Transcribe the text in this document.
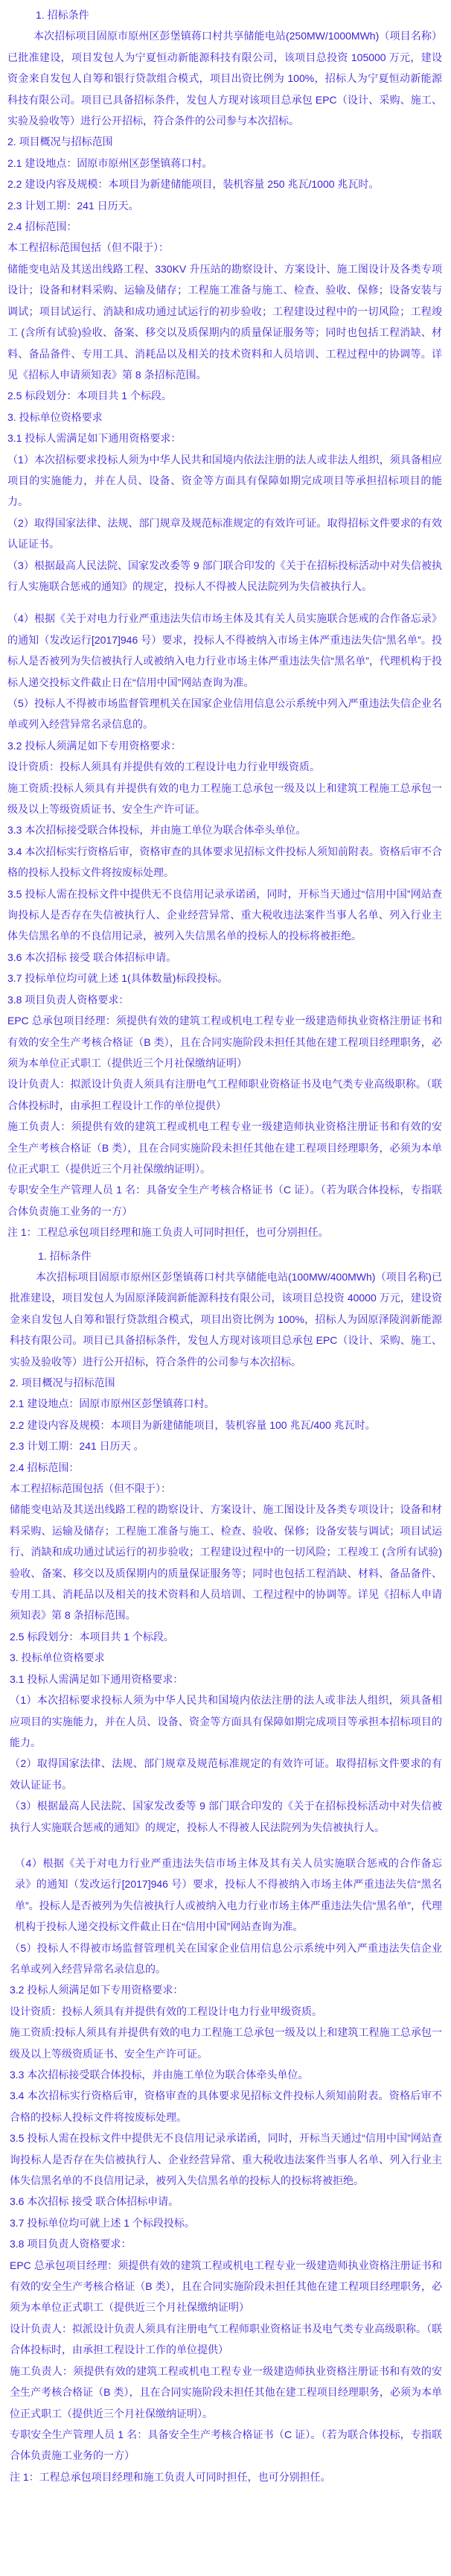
1. 招标条件

本次招标项目固原市原州区彭堡镇蒋口村共享储能电站(250MW/1000MWh)（项目名称）已批准建设，项目发包人为宁夏恒动新能源科技有限公司，该项目总投资 105000 万元，建设资金来自发包人自筹和银行贷款组合模式，项目出资比例为 100%，招标人为宁夏恒动新能源科技有限公司。项目已具备招标条件，发包人方现对该项目总承包 EPC（设计、采购、施工、实验及验收等）进行公开招标，符合条件的公司参与本次招标。

2. 项目概况与招标范围

2.1 建设地点：固原市原州区彭堡镇蒋口村。

2.2 建设内容及规模：本项目为新建储能项目，装机容量 250 兆瓦/1000 兆瓦时。

2.3 计划工期：241 日历天。

2.4 招标范围：

本工程招标范围包括（但不限于）：

储能变电站及其送出线路工程、330KV 升压站的勘察设计、方案设计、施工图设计及各类专项设计；设备和材料采购、运输及储存；工程施工准备与施工、检查、验收、保修；设备安装与调试；项目试运行、消缺和成功通过试运行的初步验收；工程建设过程中的一切风险；工程竣工 (含所有试验)验收、备案、移交以及质保期内的质量保证服务等；同时也包括工程消缺、材料、备品备件、专用工具、消耗品以及相关的技术资料和人员培训、工程过程中的协调等。详见《招标人申请须知表》第 8 条招标范围。

2.5 标段划分：本项目共 1 个标段。

3. 投标单位资格要求

3.1 投标人需满足如下通用资格要求：

（1）本次招标要求投标人须为中华人民共和国境内依法注册的法人或非法人组织，须具备相应项目的实施能力，并在人员、设备、资金等方面具有保障如期完成项目等承担招标项目的能力。

（2）取得国家法律、法规、部门规章及规范标准规定的有效许可证。取得招标文件要求的有效认证证书。

（3）根据最高人民法院、国家发改委等 9 部门联合印发的《关于在招标投标活动中对失信被执行人实施联合惩戒的通知》的规定，投标人不得被人民法院列为失信被执行人。

（4）根据《关于对电力行业严重违法失信市场主体及其有关人员实施联合惩戒的合作备忘录》的通知（发改运行[2017]946 号）要求，投标人不得被纳入市场主体严重违法失信“黑名单”。投标人是否被列为失信被执行人或被纳入电力行业市场主体严重违法失信“黑名单”，代理机构于投标人递交投标文件截止日在“信用中国”网站查询为准。

（5）投标人不得被市场监督管理机关在国家企业信用信息公示系统中列入严重违法失信企业名单或列入经营异常名录信息的。

3.2 投标人须满足如下专用资格要求：

设计资质：投标人须具有并提供有效的工程设计电力行业甲级资质。

施工资质:投标人须具有并提供有效的电力工程施工总承包一级及以上和建筑工程施工总承包一级及以上等级资质证书、安全生产许可证。

3.3 本次招标接受联合体投标，并由施工单位为联合体牵头单位。

3.4 本次招标实行资格后审，资格审查的具体要求见招标文件投标人须知前附表。资格后审不合格的投标人投标文件将按废标处理。

3.5 投标人需在投标文件中提供无不良信用记录承诺函，同时，开标当天通过“信用中国”网站查询投标人是否存在失信被执行人、企业经营异常、重大税收违法案件当事人名单、列入行业主体失信黑名单的不良信用记录，被列入失信黑名单的投标人的投标将被拒绝。

3.6 本次招标 接受 联合体招标申请。

3.7 投标单位均可就上述 1(具体数量)标段投标。

3.8 项目负责人资格要求：

EPC 总承包项目经理：须提供有效的建筑工程或机电工程专业一级建造师执业资格注册证书和有效的安全生产考核合格证（B 类），且在合同实施阶段未担任其他在建工程项目经理职务，必须为本单位正式职工（提供近三个月社保缴纳证明）

设计负责人：拟派设计负责人须具有注册电气工程师职业资格证书及电气类专业高级职称。（联合体投标时，由承担工程设计工作的单位提供）

施工负责人：须提供有效的建筑工程或机电工程专业一级建造师执业资格注册证书和有效的安全生产考核合格证（B 类），且在合同实施阶段未担任其他在建工程项目经理职务，必须为本单位正式职工（提供近三个月社保缴纳证明）。

专职安全生产管理人员 1 名：具备安全生产考核合格证书（C 证）。（若为联合体投标，专指联合体负责施工业务的一方）

注 1：工程总承包项目经理和施工负责人可同时担任，也可分别担任。

1. 招标条件

本次招标项目固原市原州区彭堡镇蒋口村共享储能电站(100MW/400MWh)（项目名称)已批准建设，项目发包人为固原泽陵润新能源科技有限公司，该项目总投资 40000 万元，建设资金来自发包人自筹和银行贷款组合模式，项目出资比例为 100%，招标人为固原泽陵润新能源科技有限公司。项目已具备招标条件，发包人方现对该项目总承包 EPC（设计、采购、施工、实验及验收等）进行公开招标，符合条件的公司参与本次招标。

2. 项目概况与招标范围

2.1 建设地点：固原市原州区彭堡镇蒋口村。

2.2 建设内容及规模：本项目为新建储能项目，装机容量 100 兆瓦/400 兆瓦时。

2.3 计划工期：241 日历天 。

2.4 招标范围：

本工程招标范围包括（但不限于）：

储能变电站及其送出线路工程的勘察设计、方案设计、施工图设计及各类专项设计；设备和材料采购、运输及储存；工程施工准备与施工、检查、验收、保修；设备安装与调试；项目试运行、消缺和成功通过试运行的初步验收；工程建设过程中的一切风险；工程竣工 (含所有试验)验收、备案、移交以及质保期内的质量保证服务等；同时也包括工程消缺、材料、备品备件、专用工具、消耗品以及相关的技术资料和人员培训、工程过程中的协调等。详见《招标人申请须知表》第 8 条招标范围。

2.5 标段划分：本项目共 1 个标段。

3. 投标单位资格要求

3.1 投标人需满足如下通用资格要求：

（1）本次招标要求投标人须为中华人民共和国境内依法注册的法人或非法人组织，须具备相应项目的实施能力，并在人员、设备、资金等方面具有保障如期完成项目等承担本招标项目的能力。

（2）取得国家法律、法规、部门规章及规范标准规定的有效许可证。取得招标文件要求的有效认证证书。

（3）根据最高人民法院、国家发改委等 9 部门联合印发的《关于在招标投标活动中对失信被执行人实施联合惩戒的通知》的规定，投标人不得被人民法院列为失信被执行人。

（4）根据《关于对电力行业严重违法失信市场主体及其有关人员实施联合惩戒的合作备忘录》的通知（发改运行[2017]946 号）要求，投标人不得被纳入市场主体严重违法失信“黑名单”。投标人是否被列为失信被执行人或被纳入电力行业市场主体严重违法失信“黑名单”，代理机构于投标人递交投标文件截止日在“信用中国”网站查询为准。

（5）投标人不得被市场监督管理机关在国家企业信用信息公示系统中列入严重违法失信企业名单或列入经营异常名录信息的。

3.2 投标人须满足如下专用资格要求：

设计资质：投标人须具有并提供有效的工程设计电力行业甲级资质。

施工资质:投标人须具有并提供有效的电力工程施工总承包一级及以上和建筑工程施工总承包一级及以上等级资质证书、安全生产许可证。

3.3 本次招标接受联合体投标，并由施工单位为联合体牵头单位。

3.4 本次招标实行资格后审，资格审查的具体要求见招标文件投标人须知前附表。资格后审不合格的投标人投标文件将按废标处理。

3.5 投标人需在投标文件中提供无不良信用记录承诺函，同时，开标当天通过“信用中国”网站查询投标人是否存在失信被执行人、企业经营异常、重大税收违法案件当事人名单、列入行业主体失信黑名单的不良信用记录，被列入失信黑名单的投标人的投标将被拒绝。

3.6 本次招标 接受 联合体招标申请。

3.7 投标单位均可就上述 1 个标段投标。

3.8 项目负责人资格要求：

EPC 总承包项目经理：须提供有效的建筑工程或机电工程专业一级建造师执业资格注册证书和有效的安全生产考核合格证（B 类），且在合同实施阶段未担任其他在建工程项目经理职务，必须为本单位正式职工（提供近三个月社保缴纳证明）

设计负责人：拟派设计负责人须具有注册电气工程师职业资格证书及电气类专业高级职称。（联合体投标时，由承担工程设计工作的单位提供）

施工负责人：须提供有效的建筑工程或机电工程专业一级建造师执业资格注册证书和有效的安全生产考核合格证（B 类），且在合同实施阶段未担任其他在建工程项目经理职务，必须为本单位正式职工（提供近三个月社保缴纳证明）。

专职安全生产管理人员 1 名：具备安全生产考核合格证书（C 证）。（若为联合体投标，专指联合体负责施工业务的一方）

注 1：工程总承包项目经理和施工负责人可同时担任，也可分别担任。
